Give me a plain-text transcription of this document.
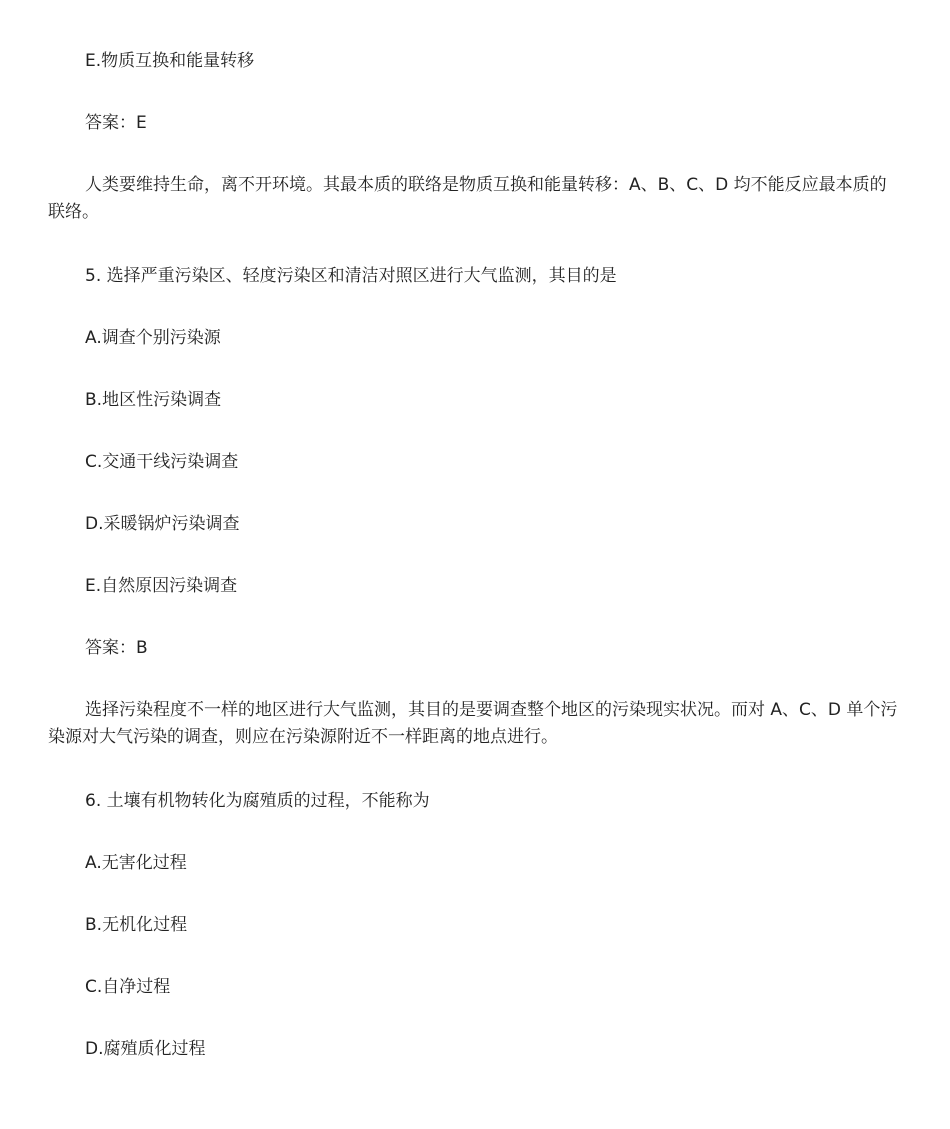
E.物质互换和能量转移

答案：E

人类要维持生命，离不开环境。其最本质的联络是物质互换和能量转移：A、B、C、D 均不能反应最本质的联络。

5. 选择严重污染区、轻度污染区和清洁对照区进行大气监测，其目的是

A.调查个别污染源

B.地区性污染调查

C.交通干线污染调查

D.采暖锅炉污染调查

E.自然原因污染调查

答案：B

选择污染程度不一样的地区进行大气监测，其目的是要调查整个地区的污染现实状况。而对 A、C、D 单个污染源对大气污染的调查，则应在污染源附近不一样距离的地点进行。

6. 土壤有机物转化为腐殖质的过程，不能称为

A.无害化过程

B.无机化过程

C.自净过程

D.腐殖质化过程
